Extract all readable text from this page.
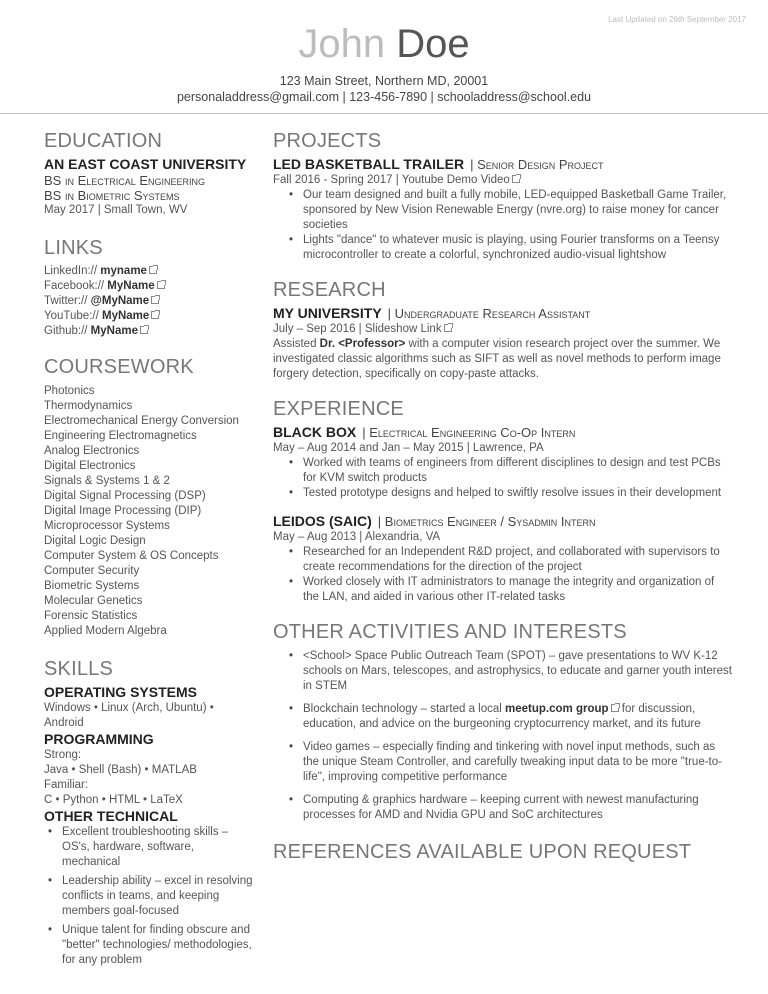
Last Updated on 26th September 2017
John Doe
123 Main Street, Northern MD, 20001
personaladdress@gmail.com | 123-456-7890 | schooladdress@school.edu
EDUCATION
AN EAST COAST UNIVERSITY
BS in Electrical Engineering
BS in Biometric Systems
May 2017 | Small Town, WV
LINKS
LinkedIn:// myname
Facebook:// MyName
Twitter:// @MyName
YouTube:// MyName
Github:// MyName
COURSEWORK
Photonics
Thermodynamics
Electromechanical Energy Conversion
Engineering Electromagnetics
Analog Electronics
Digital Electronics
Signals & Systems 1 & 2
Digital Signal Processing (DSP)
Digital Image Processing (DIP)
Microprocessor Systems
Digital Logic Design
Computer System & OS Concepts
Computer Security
Biometric Systems
Molecular Genetics
Forensic Statistics
Applied Modern Algebra
SKILLS
OPERATING SYSTEMS
Windows • Linux (Arch, Ubuntu) •
Android
PROGRAMMING
Strong:
Java • Shell (Bash) • MATLAB
Familiar:
C • Python • HTML • LaTeX
OTHER TECHNICAL
• Excellent troubleshooting skills – OS's, hardware, software, mechanical
• Leadership ability – excel in resolving conflicts in teams, and keeping members goal-focused
• Unique talent for finding obscure and "better" technologies/ methodologies, for any problem
PROJECTS
LED BASKETBALL TRAILER | Senior Design Project
Fall 2016 - Spring 2017 | Youtube Demo Video
• Our team designed and built a fully mobile, LED-equipped Basketball Game Trailer, sponsored by New Vision Renewable Energy (nvre.org) to raise money for cancer societies
• Lights "dance" to whatever music is playing, using Fourier transforms on a Teensy microcontroller to create a colorful, synchronized audio-visual lightshow
RESEARCH
MY UNIVERSITY | Undergraduate Research Assistant
July – Sep 2016 | Slideshow Link
Assisted Dr. <Professor> with a computer vision research project over the summer. We investigated classic algorithms such as SIFT as well as novel methods to perform image forgery detection, specifically on copy-paste attacks.
EXPERIENCE
BLACK BOX | Electrical Engineering Co-Op Intern
May – Aug 2014 and Jan – May 2015 | Lawrence, PA
• Worked with teams of engineers from different disciplines to design and test PCBs for KVM switch products
• Tested prototype designs and helped to swiftly resolve issues in their development
LEIDOS (SAIC) | Biometrics Engineer / Sysadmin Intern
May – Aug 2013 | Alexandria, VA
• Researched for an Independent R&D project, and collaborated with supervisors to create recommendations for the direction of the project
• Worked closely with IT administrators to manage the integrity and organization of the LAN, and aided in various other IT-related tasks
OTHER ACTIVITIES AND INTERESTS
• <School> Space Public Outreach Team (SPOT) – gave presentations to WV K-12 schools on Mars, telescopes, and astrophysics, to educate and garner youth interest in STEM
• Blockchain technology – started a local meetup.com group for discussion, education, and advice on the burgeoning cryptocurrency market, and its future
• Video games – especially finding and tinkering with novel input methods, such as the unique Steam Controller, and carefully tweaking input data to be more "true-to-life", improving competitive performance
• Computing & graphics hardware – keeping current with newest manufacturing processes for AMD and Nvidia GPU and SoC architectures
REFERENCES AVAILABLE UPON REQUEST
